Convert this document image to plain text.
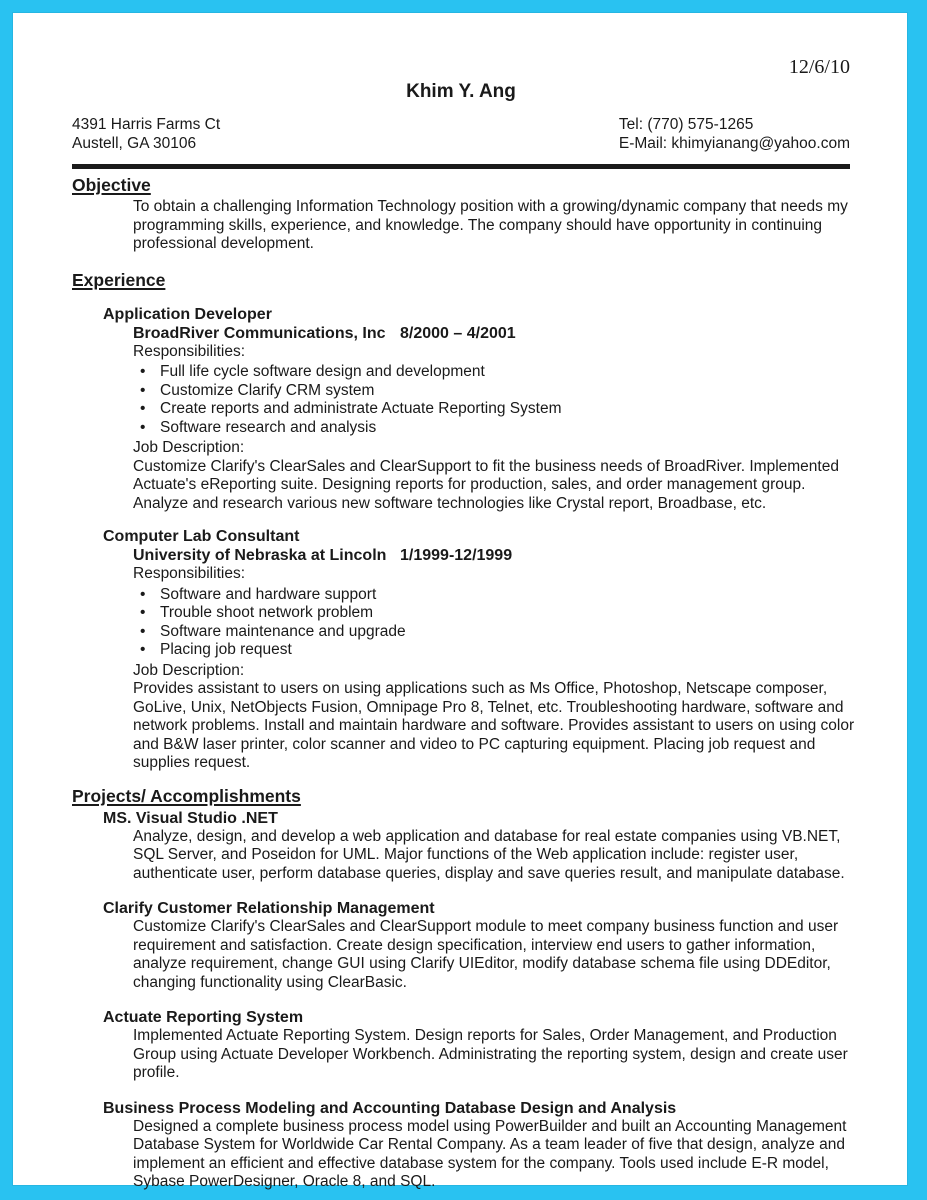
12/6/10
Khim Y. Ang
4391 Harris Farms Ct
Austell, GA 30106
Tel: (770) 575-1265
E-Mail: khimyianang@yahoo.com
Objective
To obtain a challenging Information Technology position with a growing/dynamic company that needs my programming skills, experience, and knowledge. The company should have opportunity in continuing professional development.
Experience
Application Developer
BroadRiver Communications, Inc 8/2000 – 4/2001
Responsibilities:
• Full life cycle software design and development
• Customize Clarify CRM system
• Create reports and administrate Actuate Reporting System
• Software research and analysis
Job Description:
Customize Clarify's ClearSales and ClearSupport to fit the business needs of BroadRiver. Implemented Actuate's eReporting suite. Designing reports for production, sales, and order management group. Analyze and research various new software technologies like Crystal report, Broadbase, etc.
Computer Lab Consultant
University of Nebraska at Lincoln 1/1999-12/1999
Responsibilities:
• Software and hardware support
• Trouble shoot network problem
• Software maintenance and upgrade
• Placing job request
Job Description:
Provides assistant to users on using applications such as Ms Office, Photoshop, Netscape composer, GoLive, Unix, NetObjects Fusion, Omnipage Pro 8, Telnet, etc. Troubleshooting hardware, software and network problems. Install and maintain hardware and software. Provides assistant to users on using color and B&W laser printer, color scanner and video to PC capturing equipment. Placing job request and supplies request.
Projects/ Accomplishments
MS. Visual Studio .NET
Analyze, design, and develop a web application and database for real estate companies using VB.NET, SQL Server, and Poseidon for UML. Major functions of the Web application include: register user, authenticate user, perform database queries, display and save queries result, and manipulate database.
Clarify Customer Relationship Management
Customize Clarify's ClearSales and ClearSupport module to meet company business function and user requirement and satisfaction. Create design specification, interview end users to gather information, analyze requirement, change GUI using Clarify UIEditor, modify database schema file using DDEditor, changing functionality using ClearBasic.
Actuate Reporting System
Implemented Actuate Reporting System. Design reports for Sales, Order Management, and Production Group using Actuate Developer Workbench. Administrating the reporting system, design and create user profile.
Business Process Modeling and Accounting Database Design and Analysis
Designed a complete business process model using PowerBuilder and built an Accounting Management Database System for Worldwide Car Rental Company. As a team leader of five that design, analyze and implement an efficient and effective database system for the company. Tools used include E-R model, Sybase PowerDesigner, Oracle 8, and SQL.
